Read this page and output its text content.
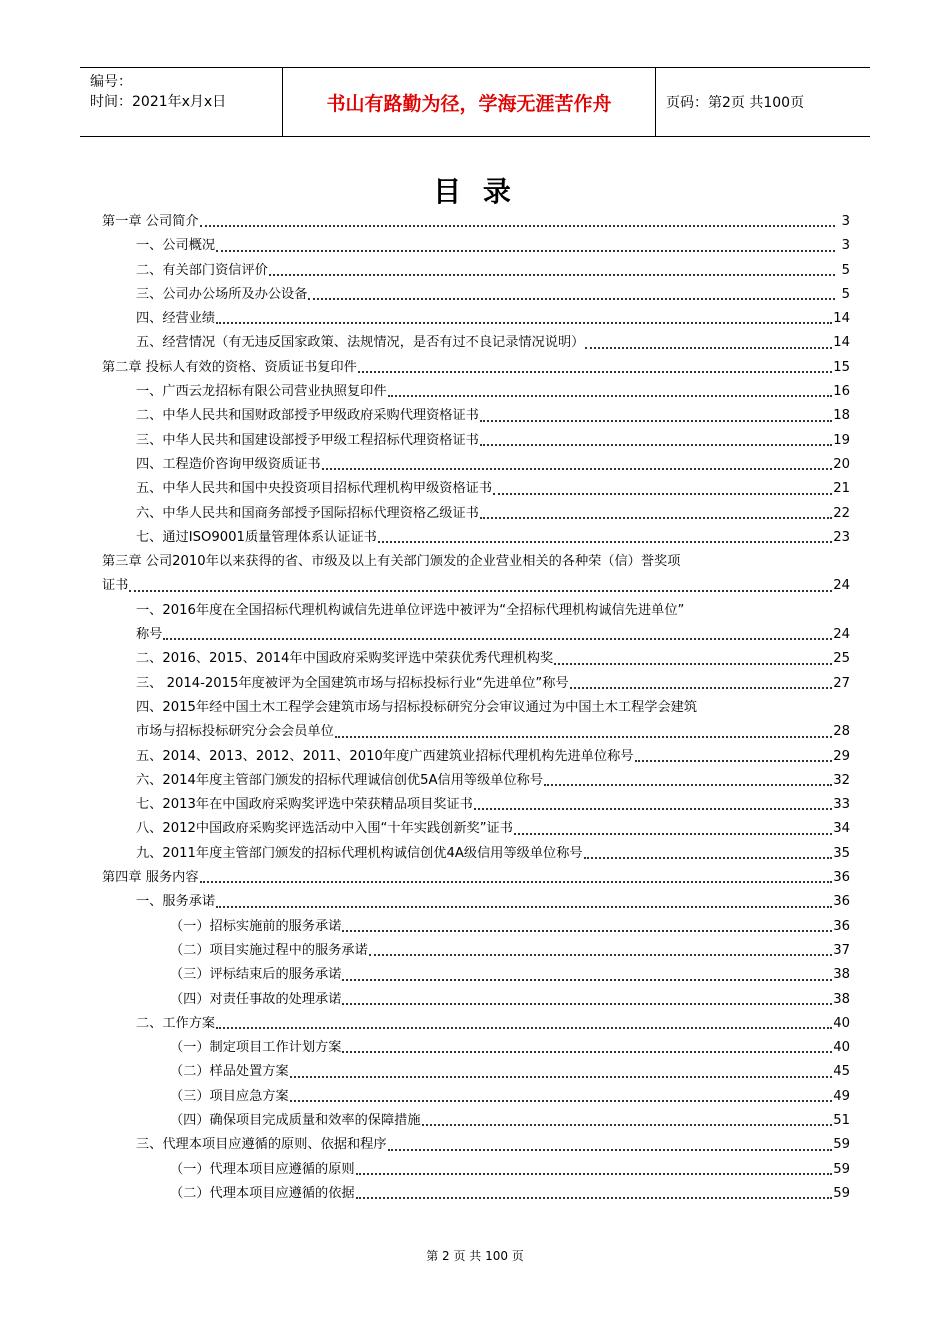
编号：
时间：2021年x月x日	书山有路勤为径，学海无涯苦作舟	页码：第2页 共100页
目 录
第一章 公司简介	3
一、公司概况	3
二、有关部门资信评价	5
三、公司办公场所及办公设备	5
四、经营业绩	14
五、经营情况（有无违反国家政策、法规情况，是否有过不良记录情况说明）	14
第二章 投标人有效的资格、资质证书复印件	15
一、广西云龙招标有限公司营业执照复印件	16
二、中华人民共和国财政部授予甲级政府采购代理资格证书	18
三、中华人民共和国建设部授予甲级工程招标代理资格证书	19
四、工程造价咨询甲级资质证书	20
五、中华人民共和国中央投资项目招标代理机构甲级资格证书	21
六、中华人民共和国商务部授予国际招标代理资格乙级证书	22
七、通过ISO9001质量管理体系认证证书	23
第三章 公司2010年以来获得的省、市级及以上有关部门颁发的企业营业相关的各种荣（信）誉奖项
证书	24
一、2016年度在全国招标代理机构诚信先进单位评选中被评为“全招标代理机构诚信先进单位”
称号	24
二、2016、2015、2014年中国政府采购奖评选中荣获优秀代理机构奖	25
三、 2014-2015年度被评为全国建筑市场与招标投标行业“先进单位”称号	27
四、2015年经中国土木工程学会建筑市场与招标投标研究分会审议通过为中国土木工程学会建筑
市场与招标投标研究分会会员单位	28
五、2014、2013、2012、2011、2010年度广西建筑业招标代理机构先进单位称号	29
六、2014年度主管部门颁发的招标代理诚信创优5A信用等级单位称号	32
七、2013年在中国政府采购奖评选中荣获精品项目奖证书	33
八、2012中国政府采购奖评选活动中入围“十年实践创新奖”证书	34
九、2011年度主管部门颁发的招标代理机构诚信创优4A级信用等级单位称号	35
第四章 服务内容	36
一、服务承诺	36
（一）招标实施前的服务承诺	36
（二）项目实施过程中的服务承诺	37
（三）评标结束后的服务承诺	38
（四）对责任事故的处理承诺	38
二、工作方案	40
（一）制定项目工作计划方案	40
（二）样品处置方案	45
（三）项目应急方案	49
（四）确保项目完成质量和效率的保障措施	51
三、代理本项目应遵循的原则、依据和程序	59
（一）代理本项目应遵循的原则	59
（二）代理本项目应遵循的依据	59
第 2 页 共 100 页
